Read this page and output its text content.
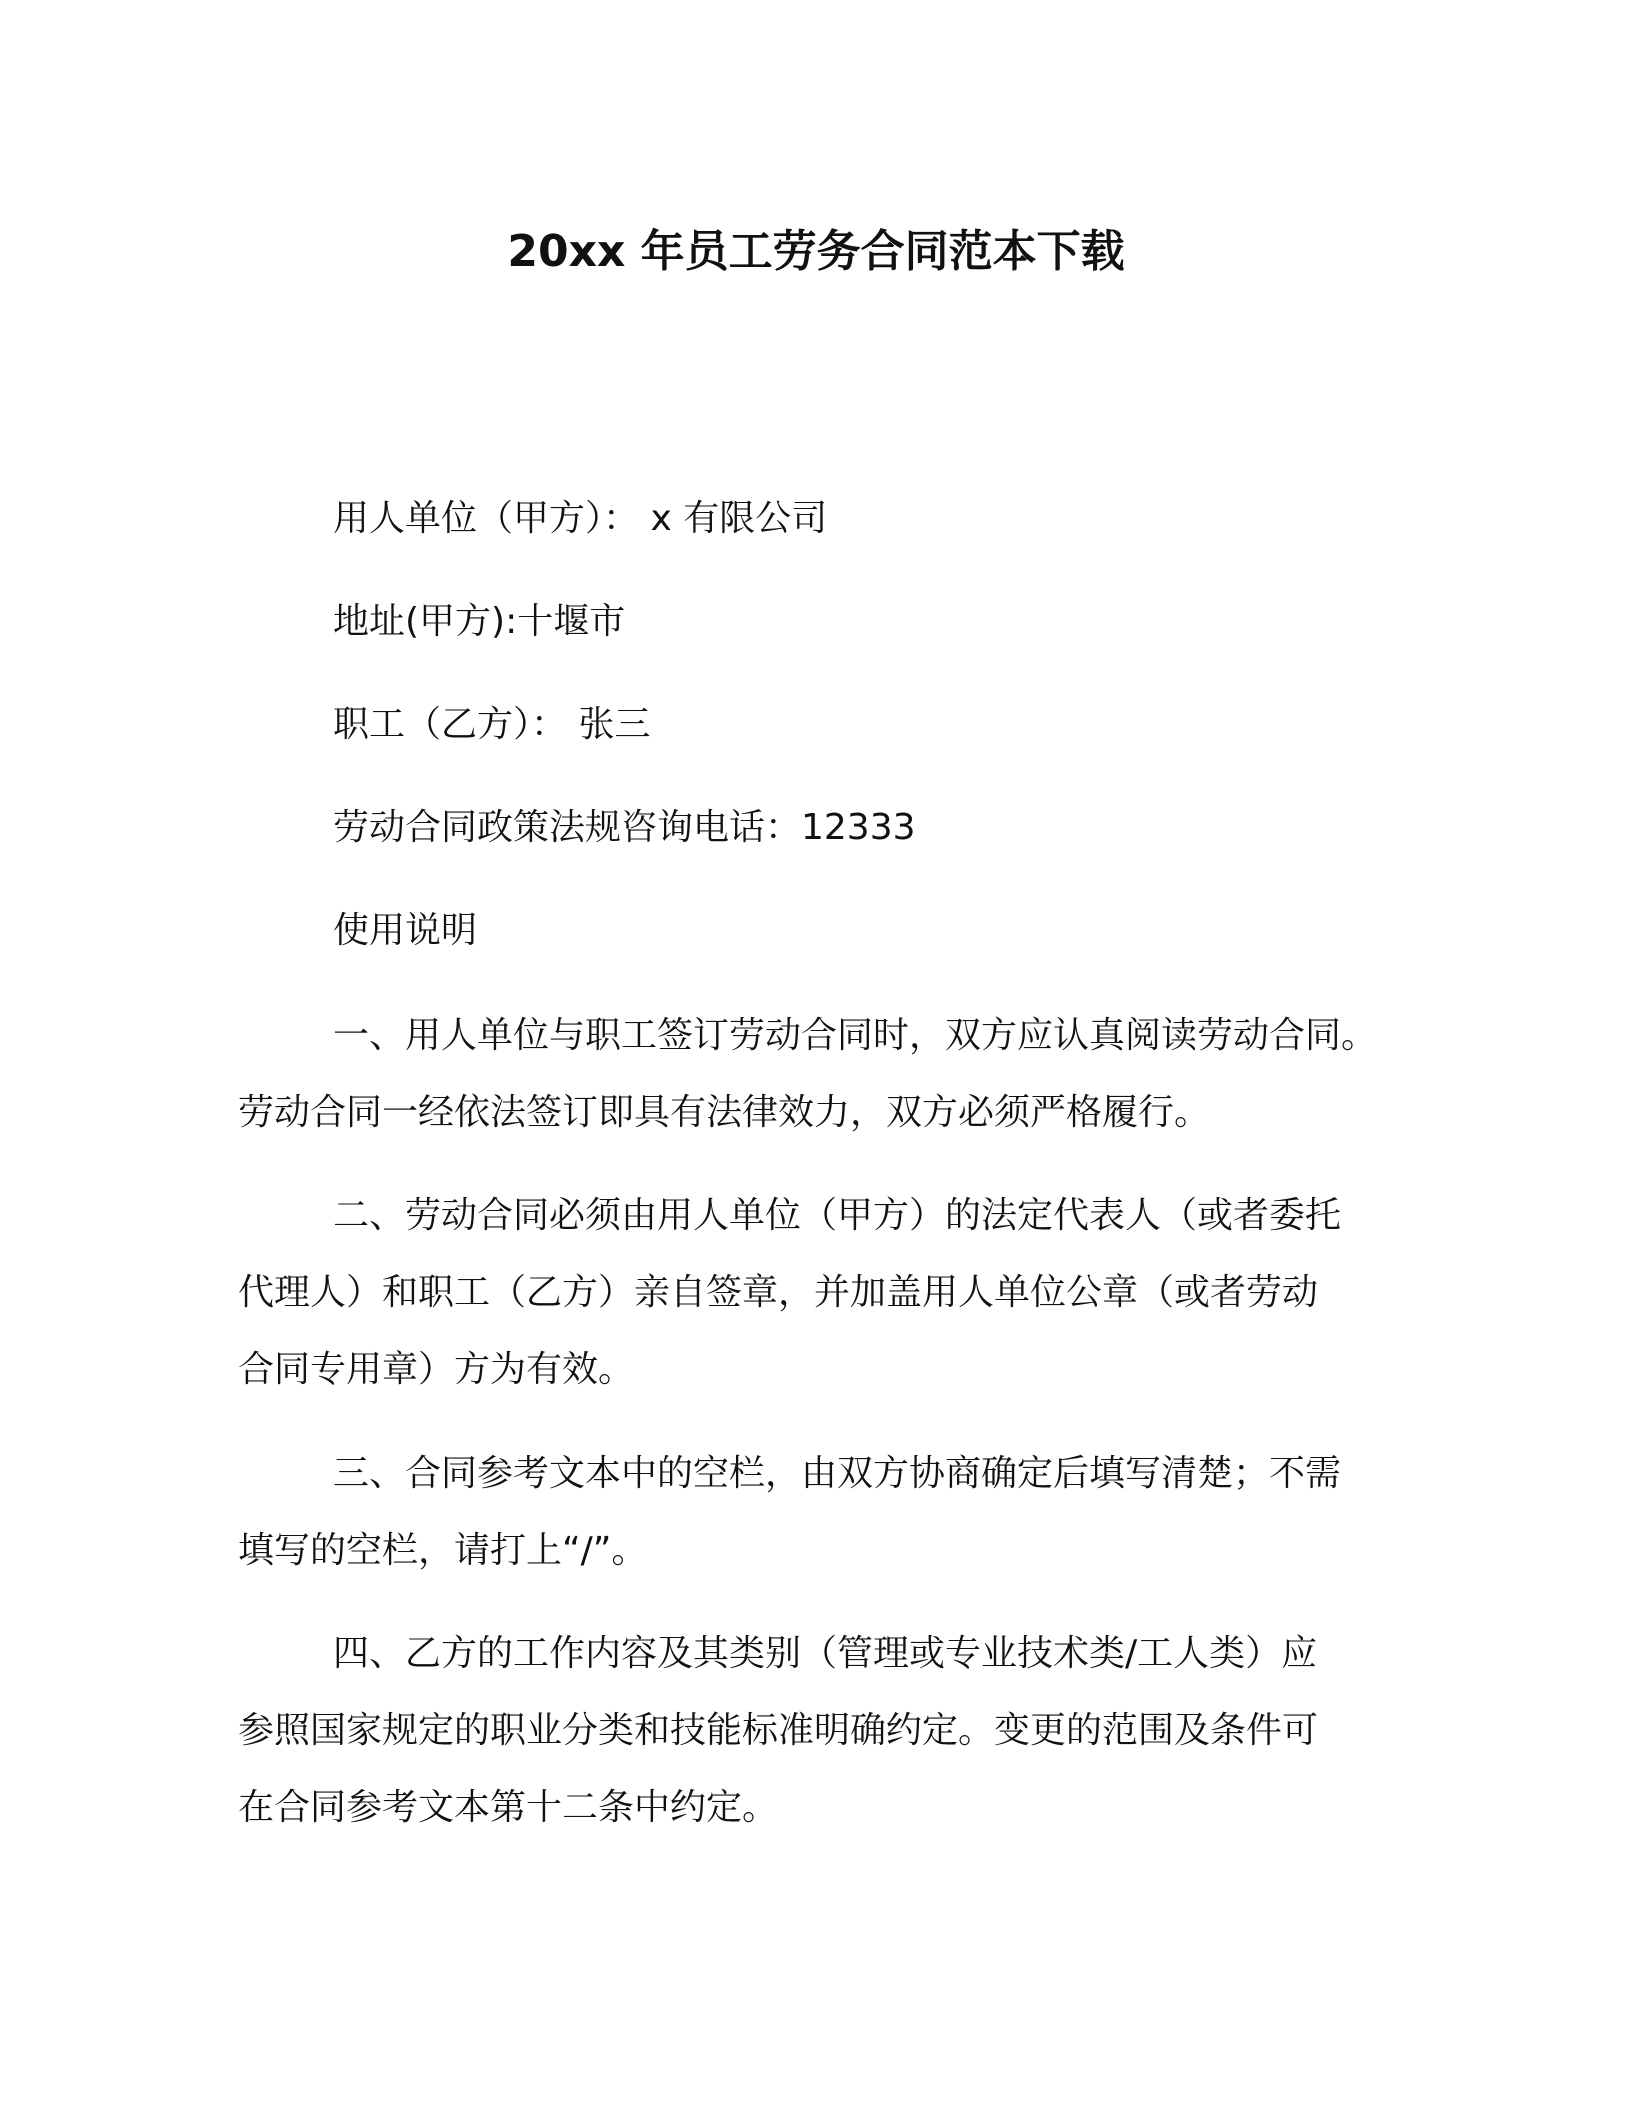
20xx 年员工劳务合同范本下载
用人单位（甲方）： x 有限公司
地址(甲方):十堰市
职工（乙方）： 张三
劳动合同政策法规咨询电话：12333
使用说明
一、用人单位与职工签订劳动合同时，双方应认真阅读劳动合同。
劳动合同一经依法签订即具有法律效力，双方必须严格履行。
二、劳动合同必须由用人单位（甲方）的法定代表人（或者委托
代理人）和职工（乙方）亲自签章，并加盖用人单位公章（或者劳动
合同专用章）方为有效。
三、合同参考文本中的空栏，由双方协商确定后填写清楚；不需
填写的空栏，请打上“/”。
四、乙方的工作内容及其类别（管理或专业技术类/工人类）应
参照国家规定的职业分类和技能标准明确约定。变更的范围及条件可
在合同参考文本第十二条中约定。
